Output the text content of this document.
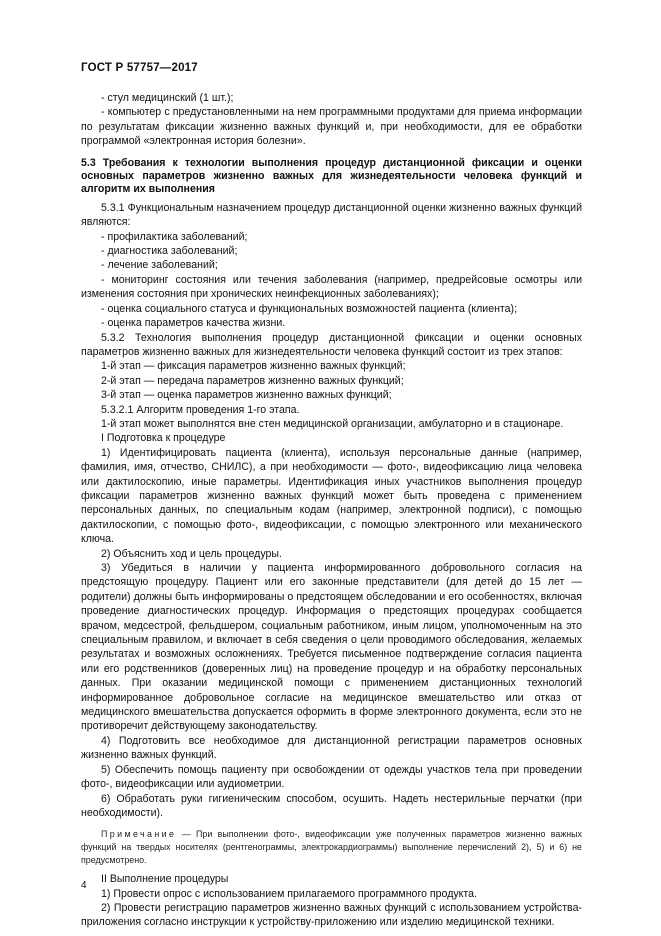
ГОСТ Р 57757—2017

- стул медицинский (1 шт.);

- компьютер с предустановленными на нем программными продуктами для приема информации по результатам фиксации жизненно важных функций и, при необходимости, для ее обработки программой «электронная история болезни».

5.3 Требования к технологии выполнения процедур дистанционной фиксации и оценки основных параметров жизненно важных для жизнедеятельности человека функций и алгоритм их выполнения

5.3.1 Функциональным назначением процедур дистанционной оценки жизненно важных функций являются:

- профилактика заболеваний;

- диагностика заболеваний;

- лечение заболеваний;

- мониторинг состояния или течения заболевания (например, предрейсовые осмотры или изменения состояния при хронических неинфекционных заболеваниях);

- оценка социального статуса и функциональных возможностей пациента (клиента);

- оценка параметров качества жизни.

5.3.2 Технология выполнения процедур дистанционной фиксации и оценки основных параметров жизненно важных для жизнедеятельности человека функций состоит из трех этапов:

1-й этап — фиксация параметров жизненно важных функций;

2-й этап — передача параметров жизненно важных функций;

3-й этап — оценка параметров жизненно важных функций;

5.3.2.1 Алгоритм проведения 1-го этапа.

1-й этап может выполнятся вне стен медицинской организации, амбулаторно и в стационаре.

I Подготовка к процедуре

1) Идентифицировать пациента (клиента), используя персональные данные (например, фамилия, имя, отчество, СНИЛС), а при необходимости — фото-, видеофиксацию лица человека или дактилоскопию, иные параметры. Идентификация иных участников выполнения процедур фиксации параметров жизненно важных функций может быть проведена с применением персональных данных, по специальным кодам (например, электронной подписи), с помощью дактилоскопии, с помощью фото-, видеофиксации, с помощью электронного или механического ключа.

2) Объяснить ход и цель процедуры.

3) Убедиться в наличии у пациента информированного добровольного согласия на предстоящую процедуру. Пациент или его законные представители (для детей до 15 лет — родители) должны быть информированы о предстоящем обследовании и его особенностях, включая проведение диагностических процедур. Информация о предстоящих процедурах сообщается врачом, медсестрой, фельдшером, социальным работником, иным лицом, уполномоченным на это специальным правилом, и включает в себя сведения о цели проводимого обследования, желаемых результатах и возможных осложнениях. Требуется письменное подтверждение согласия пациента или его родственников (доверенных лиц) на проведение процедур и на обработку персональных данных. При оказании медицинской помощи с применением дистанционных технологий информированное добровольное согласие на медицинское вмешательство или отказ от медицинского вмешательства допускается оформить в форме электронного документа, если это не противоречит действующему законодательству.

4) Подготовить все необходимое для дистанционной регистрации параметров основных жизненно важных функций.

5) Обеспечить помощь пациенту при освобождении от одежды участков тела при проведении фото-, видеофиксации или аудиометрии.

6) Обработать руки гигиеническим способом, осушить. Надеть нестерильные перчатки (при необходимости).

Примечание — При выполнении фото-, видеофиксации уже полученных параметров жизненно важных функций на твердых носителях (рентгенограммы, электрокардиограммы) выполнение перечислений 2), 5) и 6) не предусмотрено.

II Выполнение процедуры

1) Провести опрос с использованием прилагаемого программного продукта.

2) Провести регистрацию параметров жизненно важных функций с использованием устройства-приложения согласно инструкции к устройству-приложению или изделию медицинской техники.

4
